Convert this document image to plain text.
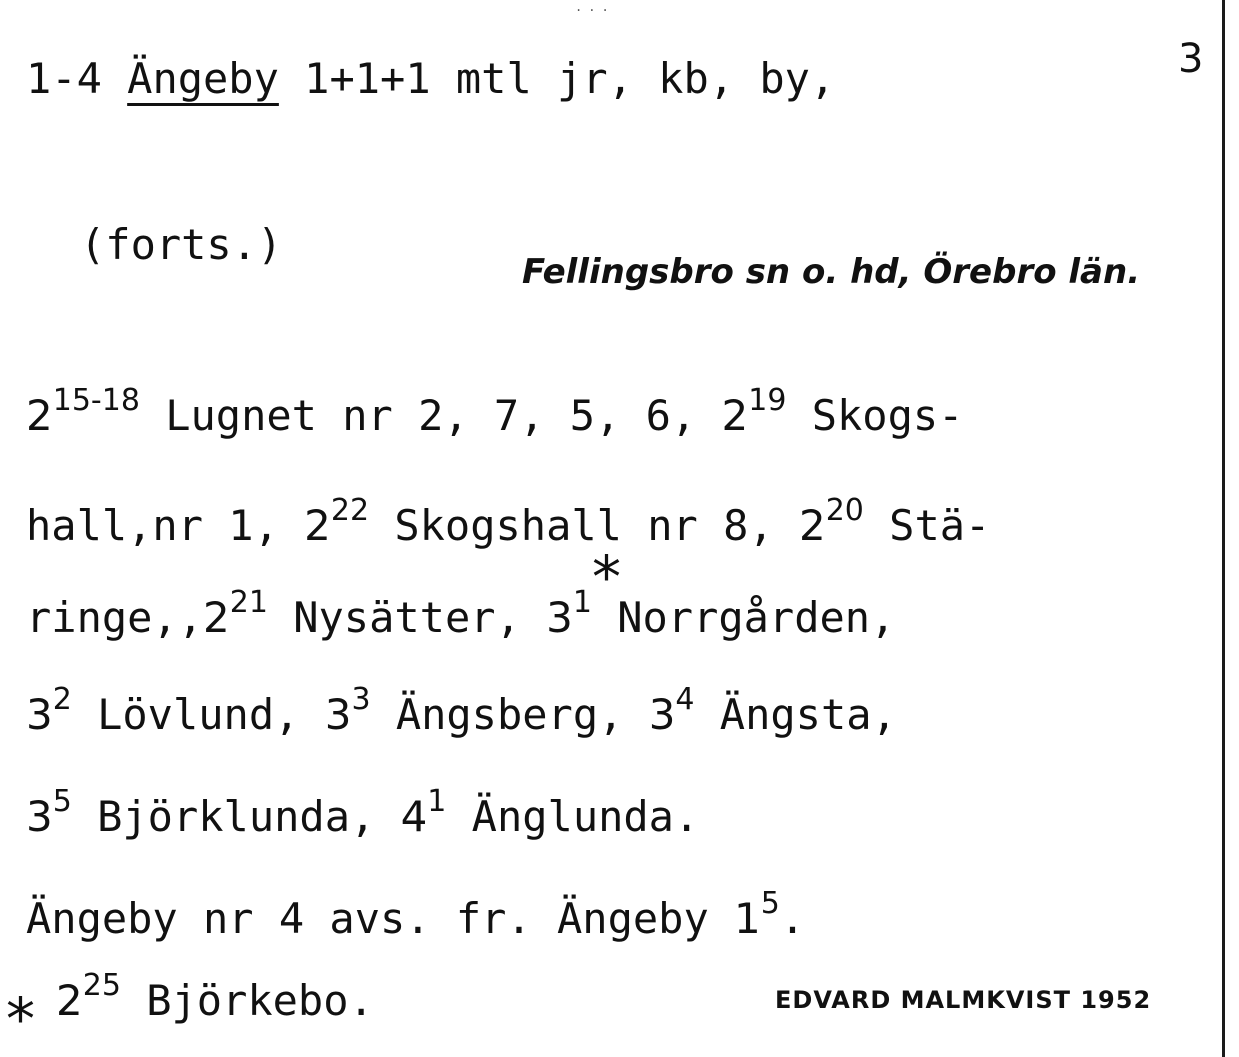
...
3
1-4 Ängeby 1+1+1 mtl jr, kb, by,
(forts.)
Fellingsbro sn o. hd, Örebro län.
2$^{15-18}$ Lugnet nr 2, 7, 5, 6, $2^{19}$ Skogs-
hall,nr 1, $2^{22}$ Skogshall nr 8, $2^{20}$ Stä-
*
$ringe,,2^{21}$ Nysätter, $3^1$ Norrgården,
$3^2$ Lövlund, $3^3$ Ängsberg, $3^4$ Ängsta,
$3^5$ Björklunda, $4^1$ Änglunda.
Ängeby nr 4 avs. fr. Ängeby $1^5$.
* $2^{25}$ Björkebo.	EDVARD MALMKVIST 1952
